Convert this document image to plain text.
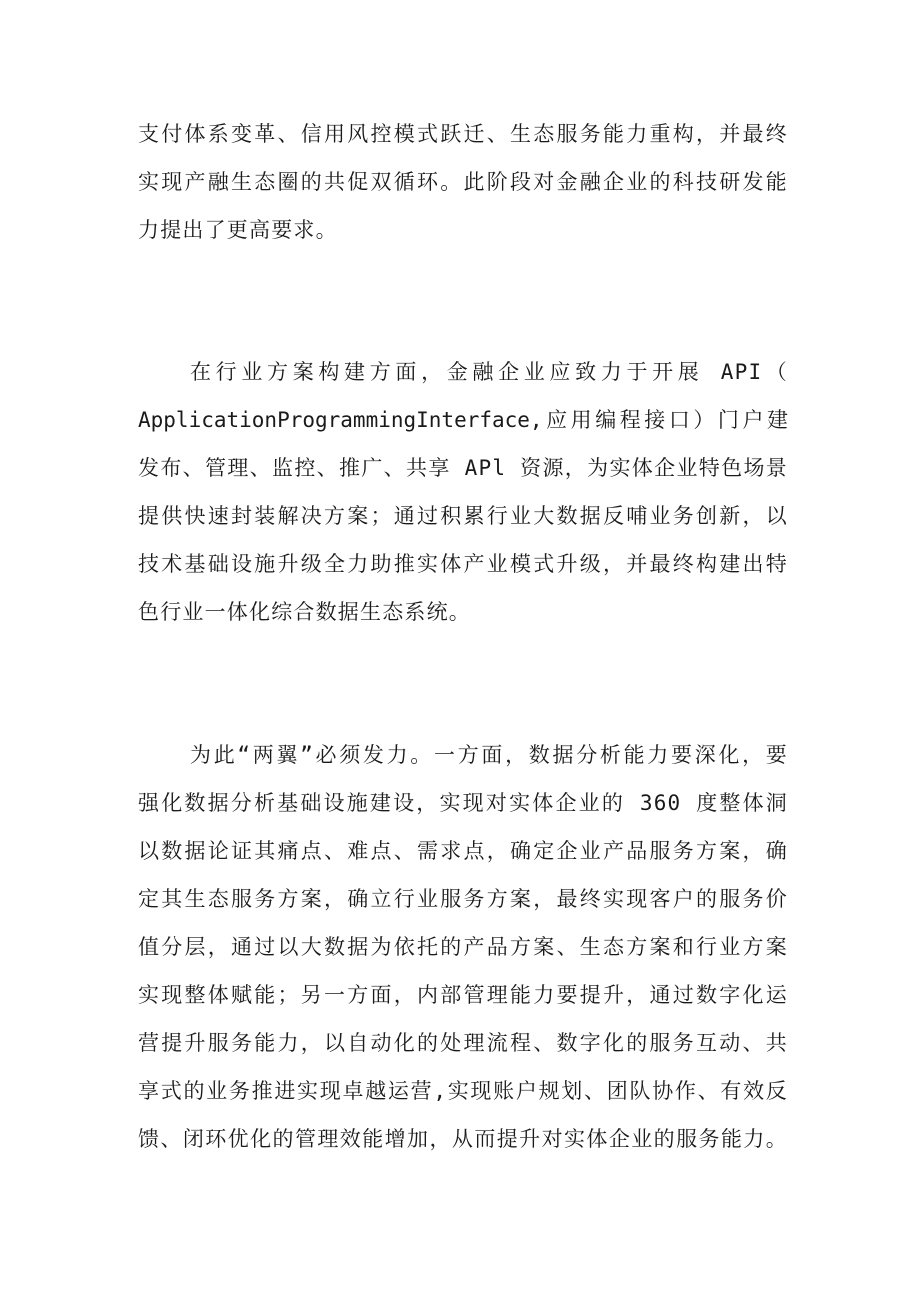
支付体系变革、信用风控模式跃迁、生态服务能力重构，并最终
实现产融生态圈的共促双循环。此阶段对金融企业的科技研发能
力提出了更高要求。
在行业方案构建方面，金融企业应致力于开展 API（
ApplicationProgrammingInterface,应用编程接口）门户建
发布、管理、监控、推广、共享 APl 资源，为实体企业特色场景
提供快速封装解决方案；通过积累行业大数据反哺业务创新，以
技术基础设施升级全力助推实体产业模式升级，并最终构建出特
色行业一体化综合数据生态系统。
为此“两翼”必须发力。一方面，数据分析能力要深化，要
强化数据分析基础设施建设，实现对实体企业的 360 度整体洞
以数据论证其痛点、难点、需求点，确定企业产品服务方案，确
定其生态服务方案，确立行业服务方案，最终实现客户的服务价
值分层，通过以大数据为依托的产品方案、生态方案和行业方案
实现整体赋能；另一方面，内部管理能力要提升，通过数字化运
营提升服务能力，以自动化的处理流程、数字化的服务互动、共
享式的业务推进实现卓越运营,实现账户规划、团队协作、有效反
馈、闭环优化的管理效能增加，从而提升对实体企业的服务能力。
